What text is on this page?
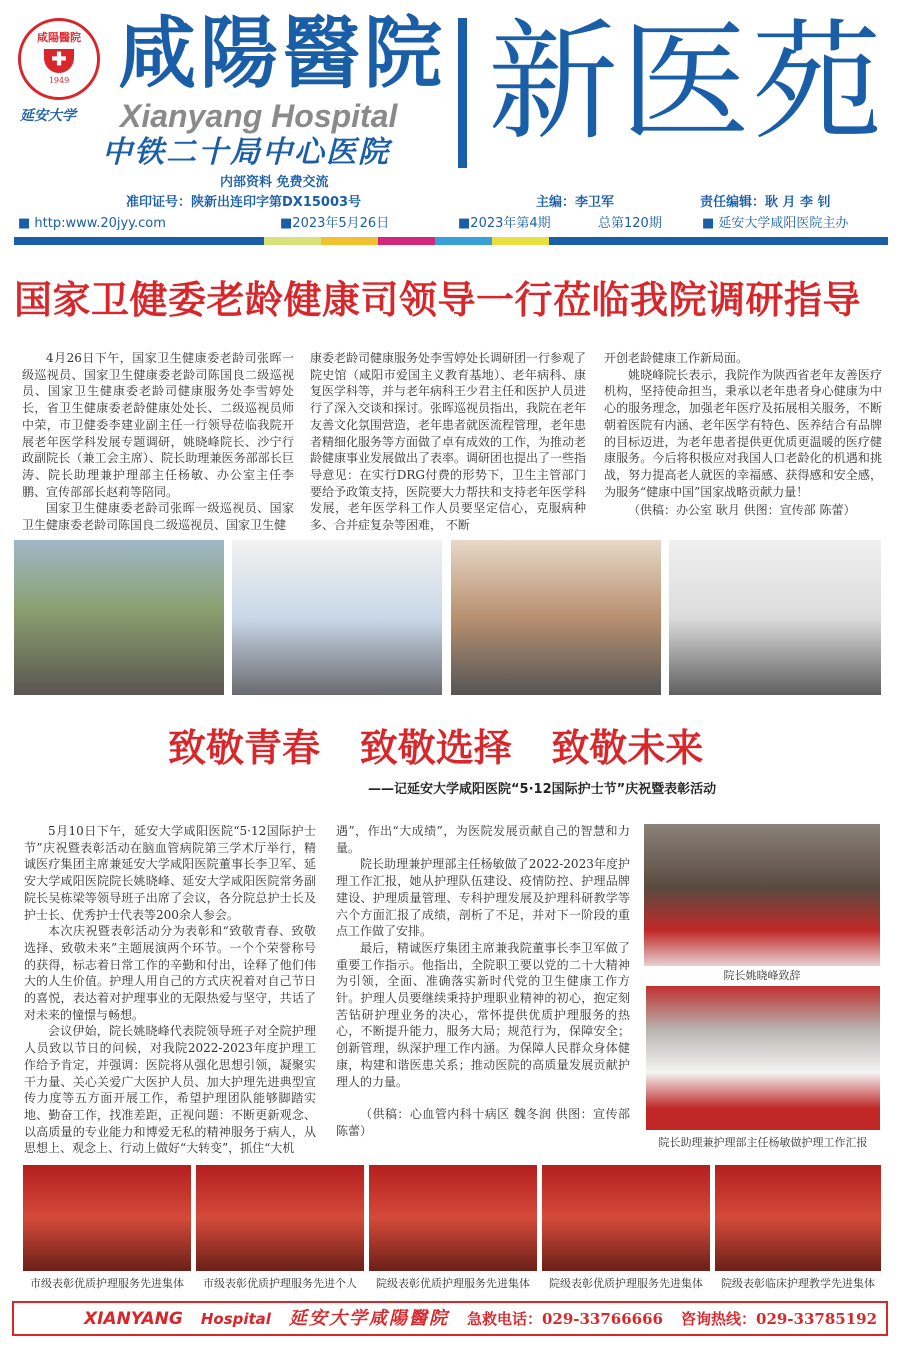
咸陽醫院
✚
1949
延安大学
咸陽醫院
Xianyang Hospital
中铁二十局中心医院 新医苑
内部资料 免费交流
准印证号：陕新出连印字第DX15003号	主编：李卫军	责任编辑：耿 月 李 钊
■ http:www.20jyy.com	■2023年5月26日	■2023年第4期	总第120期	■ 延安大学咸阳医院主办
国家卫健委老龄健康司领导一行莅临我院调研指导

4月26日下午，国家卫生健康委老龄司张晖一级巡视员、国家卫生健康委老龄司陈国良二级巡视员、国家卫生健康委老龄司健康服务处李雪婷处长，省卫生健康委老龄健康处处长、二级巡视员师中荣，市卫健委李建业副主任一行领导莅临我院开展老年医学科发展专题调研，姚晓峰院长、沙宁行政副院长（兼工会主席）、院长助理兼医务部部长巨涛、院长助理兼护理部主任杨敏、办公室主任李鹏、宣传部部长赵莉等陪同。

国家卫生健康委老龄司张晖一级巡视员、国家卫生健康委老龄司陈国良二级巡视员、国家卫生健

康委老龄司健康服务处李雪婷处长调研团一行参观了院史馆（咸阳市爱国主义教育基地）、老年病科、康复医学科等，并与老年病科王少君主任和医护人员进行了深入交谈和探讨。张晖巡视员指出，我院在老年友善文化氛围营造，老年患者就医流程管理，老年患者精细化服务等方面做了卓有成效的工作，为推动老龄健康事业发展做出了表率。调研团也提出了一些指导意见：在实行DRG付费的形势下，卫生主管部门要给予政策支持，医院要大力帮扶和支持老年医学科发展，老年医学科工作人员要坚定信心，克服病种多、合并症复杂等困难， 不断
开创老龄健康工作新局面。

姚晓峰院长表示，我院作为陕西省老年友善医疗机构，坚持使命担当，秉承以老年患者身心健康为中心的服务理念，加强老年医疗及拓展相关服务，不断朝着医院有内涵、老年医学有特色、医养结合有品牌的目标迈进，为老年患者提供更优质更温暖的医疗健康服务。今后将积极应对我国人口老龄化的机遇和挑战，努力提高老人就医的幸福感、获得感和安全感，为服务“健康中国”国家战略贡献力量！

（供稿：办公室 耿月 供图：宣传部 陈蕾）

致敬青春   致敬选择   致敬未来
——记延安大学咸阳医院“5·12国际护士节”庆祝暨表彰活动

5月10日下午，延安大学咸阳医院“5·12国际护士节”庆祝暨表彰活动在脑血管病院第三学术厅举行，精诚医疗集团主席兼延安大学咸阳医院董事长李卫军、延安大学咸阳医院院长姚晓峰、延安大学咸阳医院常务副院长吴栋梁等领导班子出席了会议，各分院总护士长及护士长、优秀护士代表等200余人参会。

本次庆祝暨表彰活动分为表彰和“致敬青春、致敬选择、致敬未来”主题展演两个环节。一个个荣誉称号的获得，标志着日常工作的辛勤和付出，诠释了他们伟大的人生价值。护理人用自己的方式庆祝着对自己节日的喜悦，表达着对护理事业的无限热爱与坚守，共话了对未来的憧憬与畅想。

会议伊始，院长姚晓峰代表院领导班子对全院护理人员致以节日的问候，对我院2022-2023年度护理工作给予肯定，并强调：医院将从强化思想引领，凝聚实干力量、关心关爱广大医护人员、加大护理先进典型宣传力度等五方面开展工作，希望护理团队能够脚踏实地、勤奋工作，找准差距，正视问题：不断更新观念、以高质量的专业能力和博爱无私的精神服务于病人，从思想上、观念上、行动上做好“大转变”，抓住“大机

遇”，作出“大成绩”，为医院发展贡献自己的智慧和力量。

院长助理兼护理部主任杨敏做了2022-2023年度护理工作汇报，她从护理队伍建设、疫情防控、护理品牌建设、护理质量管理、专科护理发展及护理科研教学等六个方面汇报了成绩，剖析了不足，并对下一阶段的重点工作做了安排。

最后，精诚医疗集团主席兼我院董事长李卫军做了重要工作指示。他指出，全院职工要以党的二十大精神为引领，全面、准确落实新时代党的卫生健康工作方针。护理人员要继续秉持护理职业精神的初心，抱定刻苦钻研护理业务的决心，常怀提供优质护理服务的热心，不断提升能力，服务大局；规范行为，保障安全；创新管理，纵深护理工作内涵。为保障人民群众身体健康，构建和谐医患关系；推动医院的高质量发展贡献护理人的力量。

（供稿：心血管内科十病区 魏冬润 供图：宣传部 陈蕾）

院长姚晓峰致辞
院长助理兼护理部主任杨敏做护理工作汇报
市级表彰优质护理服务先进集体	市级表彰优质护理服务先进个人	院级表彰优质护理服务先进集体	院级表彰优质护理服务先进集体	院级表彰临床护理教学先进集体
XIANYANG Hospital 延安大学咸陽醫院 急救电话：029-33766666 咨询热线：029-33785192
